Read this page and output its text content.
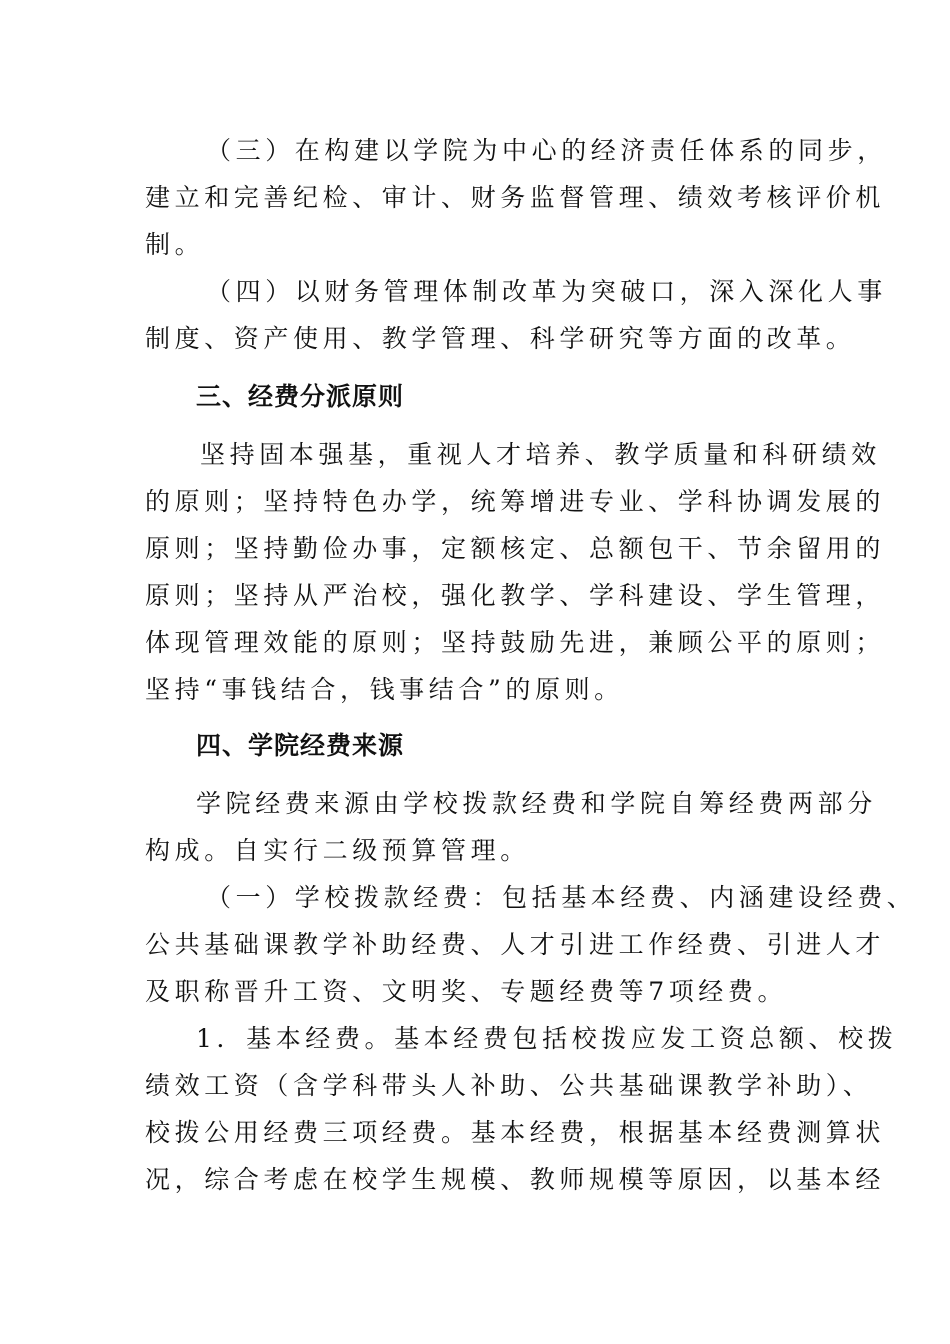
（三）在构建以学院为中心的经济责任体系的同步，
建立和完善纪检、审计、财务监督管理、绩效考核评价机
制。
（四）以财务管理体制改革为突破口，深入深化人事
制度、资产使用、教学管理、科学研究等方面的改革。
三、经费分派原则
坚持固本强基，重视人才培养、教学质量和科研绩效
的原则；坚持特色办学，统筹增进专业、学科协调发展的
原则；坚持勤俭办事，定额核定、总额包干、节余留用的
原则；坚持从严治校，强化教学、学科建设、学生管理，
体现管理效能的原则；坚持鼓励先进，兼顾公平的原则；
坚持“事钱结合，钱事结合”的原则。
四、学院经费来源
学院经费来源由学校拨款经费和学院自筹经费两部分
构成。自实行二级预算管理。
（一）学校拨款经费：包括基本经费、内涵建设经费、
公共基础课教学补助经费、人才引进工作经费、引进人才
及职称晋升工资、文明奖、专题经费等7项经费。
1．基本经费。基本经费包括校拨应发工资总额、校拨
绩效工资（含学科带头人补助、公共基础课教学补助）、
校拨公用经费三项经费。基本经费，根据基本经费测算状
况，综合考虑在校学生规模、教师规模等原因，以基本经
